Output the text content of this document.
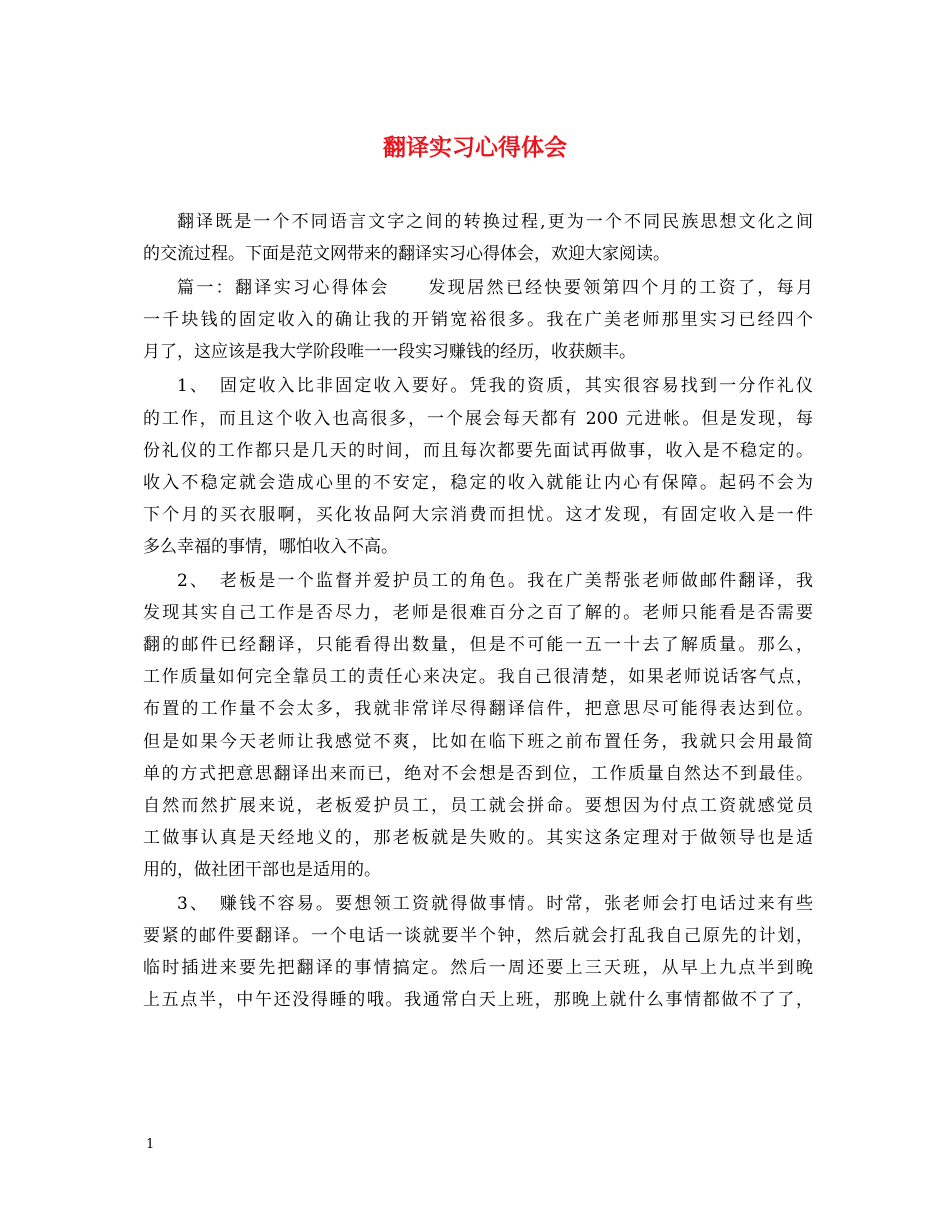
翻译实习心得体会
翻译既是一个不同语言文字之间的转换过程,更为一个不同民族思想文化之间
的交流过程。下面是范文网带来的翻译实习心得体会，欢迎大家阅读。
篇一：翻译实习心得体会　　发现居然已经快要领第四个月的工资了，每月
一千块钱的固定收入的确让我的开销宽裕很多。我在广美老师那里实习已经四个
月了，这应该是我大学阶段唯一一段实习赚钱的经历，收获颇丰。
1、　固定收入比非固定收入要好。凭我的资质，其实很容易找到一分作礼仪
的工作，而且这个收入也高很多，一个展会每天都有 200 元进帐。但是发现，每
份礼仪的工作都只是几天的时间，而且每次都要先面试再做事，收入是不稳定的。
收入不稳定就会造成心里的不安定，稳定的收入就能让内心有保障。起码不会为
下个月的买衣服啊，买化妆品阿大宗消费而担忧。这才发现，有固定收入是一件
多么幸福的事情，哪怕收入不高。
2、　老板是一个监督并爱护员工的角色。我在广美帮张老师做邮件翻译，我
发现其实自己工作是否尽力，老师是很难百分之百了解的。老师只能看是否需要
翻的邮件已经翻译，只能看得出数量，但是不可能一五一十去了解质量。那么，
工作质量如何完全靠员工的责任心来决定。我自己很清楚，如果老师说话客气点，
布置的工作量不会太多，我就非常详尽得翻译信件，把意思尽可能得表达到位。
但是如果今天老师让我感觉不爽，比如在临下班之前布置任务，我就只会用最简
单的方式把意思翻译出来而已，绝对不会想是否到位，工作质量自然达不到最佳。
自然而然扩展来说，老板爱护员工，员工就会拼命。要想因为付点工资就感觉员
工做事认真是天经地义的，那老板就是失败的。其实这条定理对于做领导也是适
用的，做社团干部也是适用的。
3、　赚钱不容易。要想领工资就得做事情。时常，张老师会打电话过来有些
要紧的邮件要翻译。一个电话一谈就要半个钟，然后就会打乱我自己原先的计划，
临时插进来要先把翻译的事情搞定。然后一周还要上三天班，从早上九点半到晚
上五点半，中午还没得睡的哦。我通常白天上班，那晚上就什么事情都做不了了，
1
